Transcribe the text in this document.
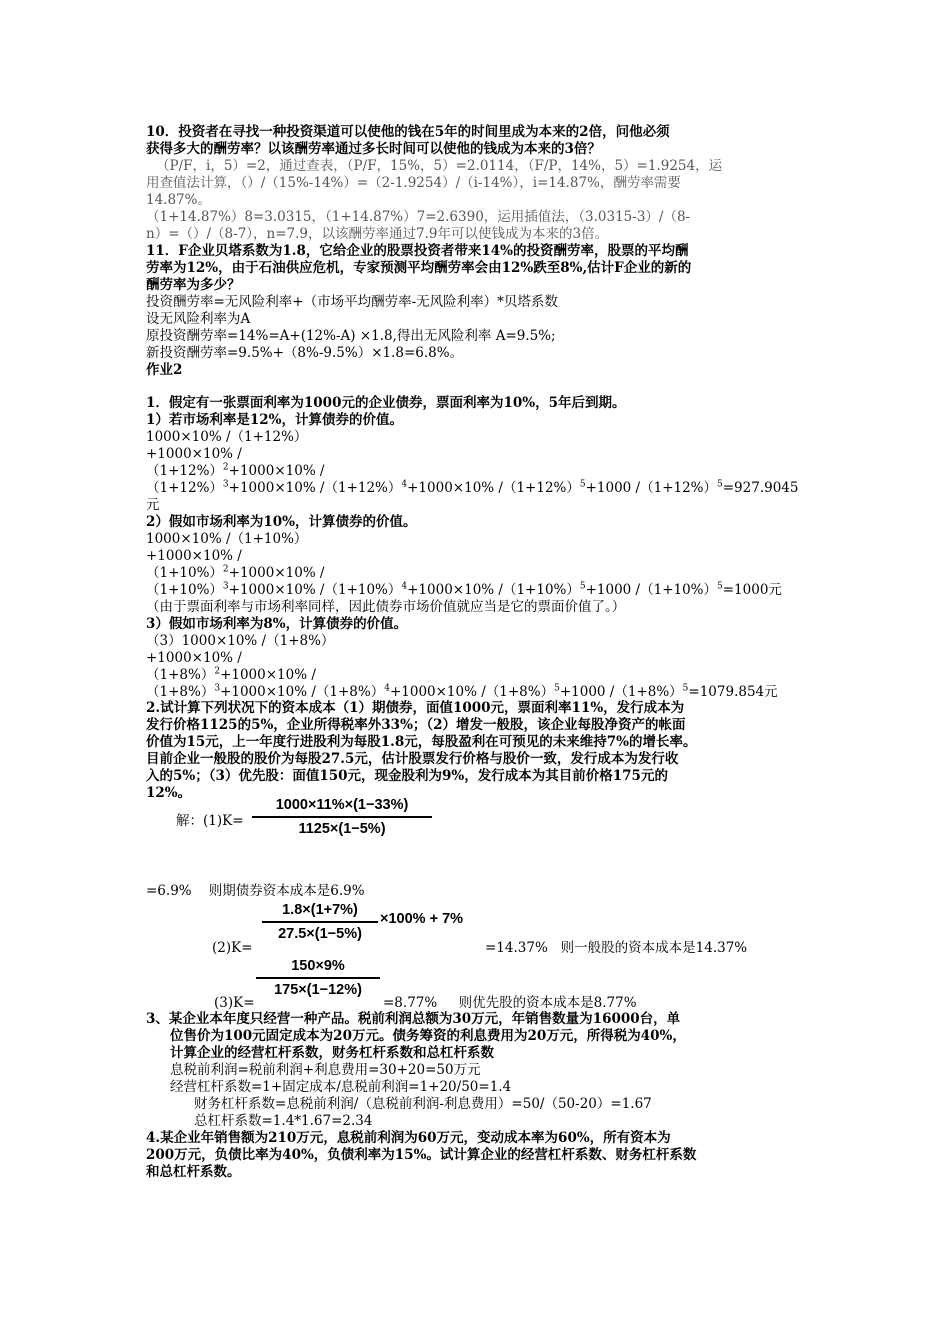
10．投资者在寻找一种投资渠道可以使他的钱在5年的时间里成为本来的2倍，问他必须
获得多大的酬劳率？以该酬劳率通过多长时间可以使他的钱成为本来的3倍？
（P/F，i，5）=2，通过查表，（P/F，15%，5）=2.0114，（F/P，14%，5）=1.9254，运
用查值法计算，（）/（15%-14%）=（2-1.9254）/（i-14%），i=14.87%，酬劳率需要
14.87%。
（1+14.87%）8=3.0315，（1+14.87%）7=2.6390，运用插值法，（3.0315-3）/（8-
n）=（）/（8-7），n=7.9，以该酬劳率通过7.9年可以使钱成为本来的3倍。
11．F企业贝塔系数为1.8，它给企业的股票投资者带来14%的投资酬劳率，股票的平均酬
劳率为12%，由于石油供应危机，专家预测平均酬劳率会由12%跌至8%,估计F企业的新的
酬劳率为多少？
投资酬劳率=无风险利率+（市场平均酬劳率-无风险利率）*贝塔系数
设无风险利率为A
原投资酬劳率=14%=A+(12%-A) ×1.8,得出无风险利率 A=9.5%;
新投资酬劳率=9.5%+（8%-9.5%）×1.8=6.8%。
作业2
1．假定有一张票面利率为1000元的企业债券，票面利率为10%，5年后到期。
1）若市场利率是12%，计算债券的价值。
1000×10% /（1+12%）
+1000×10% /
$(1+12\%)^2+1000\times 10\%$ /
$(1+12\%)^3+1000\times 10\%$ $/(1+12\%)^4+1000\times 10\%$ $/(1+12\%)^5+1000$ $/(1+12\%)^5=927.9045$
元
2）假如市场利率为10%，计算债券的价值。
1000×10% /（1+10%）
+1000×10% /
$(1+10\%)^2+1000\times 10\%$ /
$(1+10\%)^3+1000\times 10\%$ $/(1+10\%)^4+1000\times 10\%$ $/(1+10\%)^5+1000$ $/(1+10\%)^5=1000$元
（由于票面利率与市场利率同样，因此债券市场价值就应当是它的票面价值了。）
3）假如市场利率为8%，计算债券的价值。
（3）1000×10% /（1+8%）
+1000×10% /
$(1+8\%)^2+1000\times 10\%$ /
$(1+8\%)^3+1000\times 10\%$ $/(1+8\%)^4+1000\times 10\%$ $/(1+8\%)^5+1000$ $/(1+8\%)^5=1079.854$元
2.试计算下列状况下的资本成本（1）期债券，面值1000元，票面利率11%，发行成本为
发行价格1125的5%，企业所得税率外33%；（2）增发一般股，该企业每股净资产的帐面
价值为15元，上一年度行进股利为每股1.8元，每股盈利在可预见的未来维持7%的增长率。
目前企业一般股的股价为每股27.5元，估计股票发行价格与股价一致，发行成本为发行收
入的5%；（3）优先股：面值150元，现金股利为9%，发行成本为其目前价格175元的
12%。
解：(1)K=
1000×11%×(1−33%)
1125×(1−5%)
=6.9%    则期债券资本成本是6.9%
1.8×(1+7%)
27.5×(1−5%)
×100% + 7%
(2)K=	=14.37%   则一般股的资本成本是14.37%
150×9%
175×(1−12%)
(3)K=	=8.77%     则优先股的资本成本是8.77%
3、某企业本年度只经营一种产品。税前利润总额为30万元，年销售数量为16000台，单
位售价为100元固定成本为20万元。债务筹资的利息费用为20万元，所得税为40%，
计算企业的经营杠杆系数，财务杠杆系数和总杠杆系数
息税前利润=税前利润+利息费用=30+20=50万元
经营杠杆系数=1+固定成本/息税前利润=1+20/50=1.4
财务杠杆系数=息税前利润/（息税前利润-利息费用）=50/（50-20）=1.67
总杠杆系数=1.4*1.67=2.34
4.某企业年销售额为210万元，息税前利润为60万元，变动成本率为60%，所有资本为
200万元，负债比率为40%，负债利率为15%。试计算企业的经营杠杆系数、财务杠杆系数
和总杠杆系数。
